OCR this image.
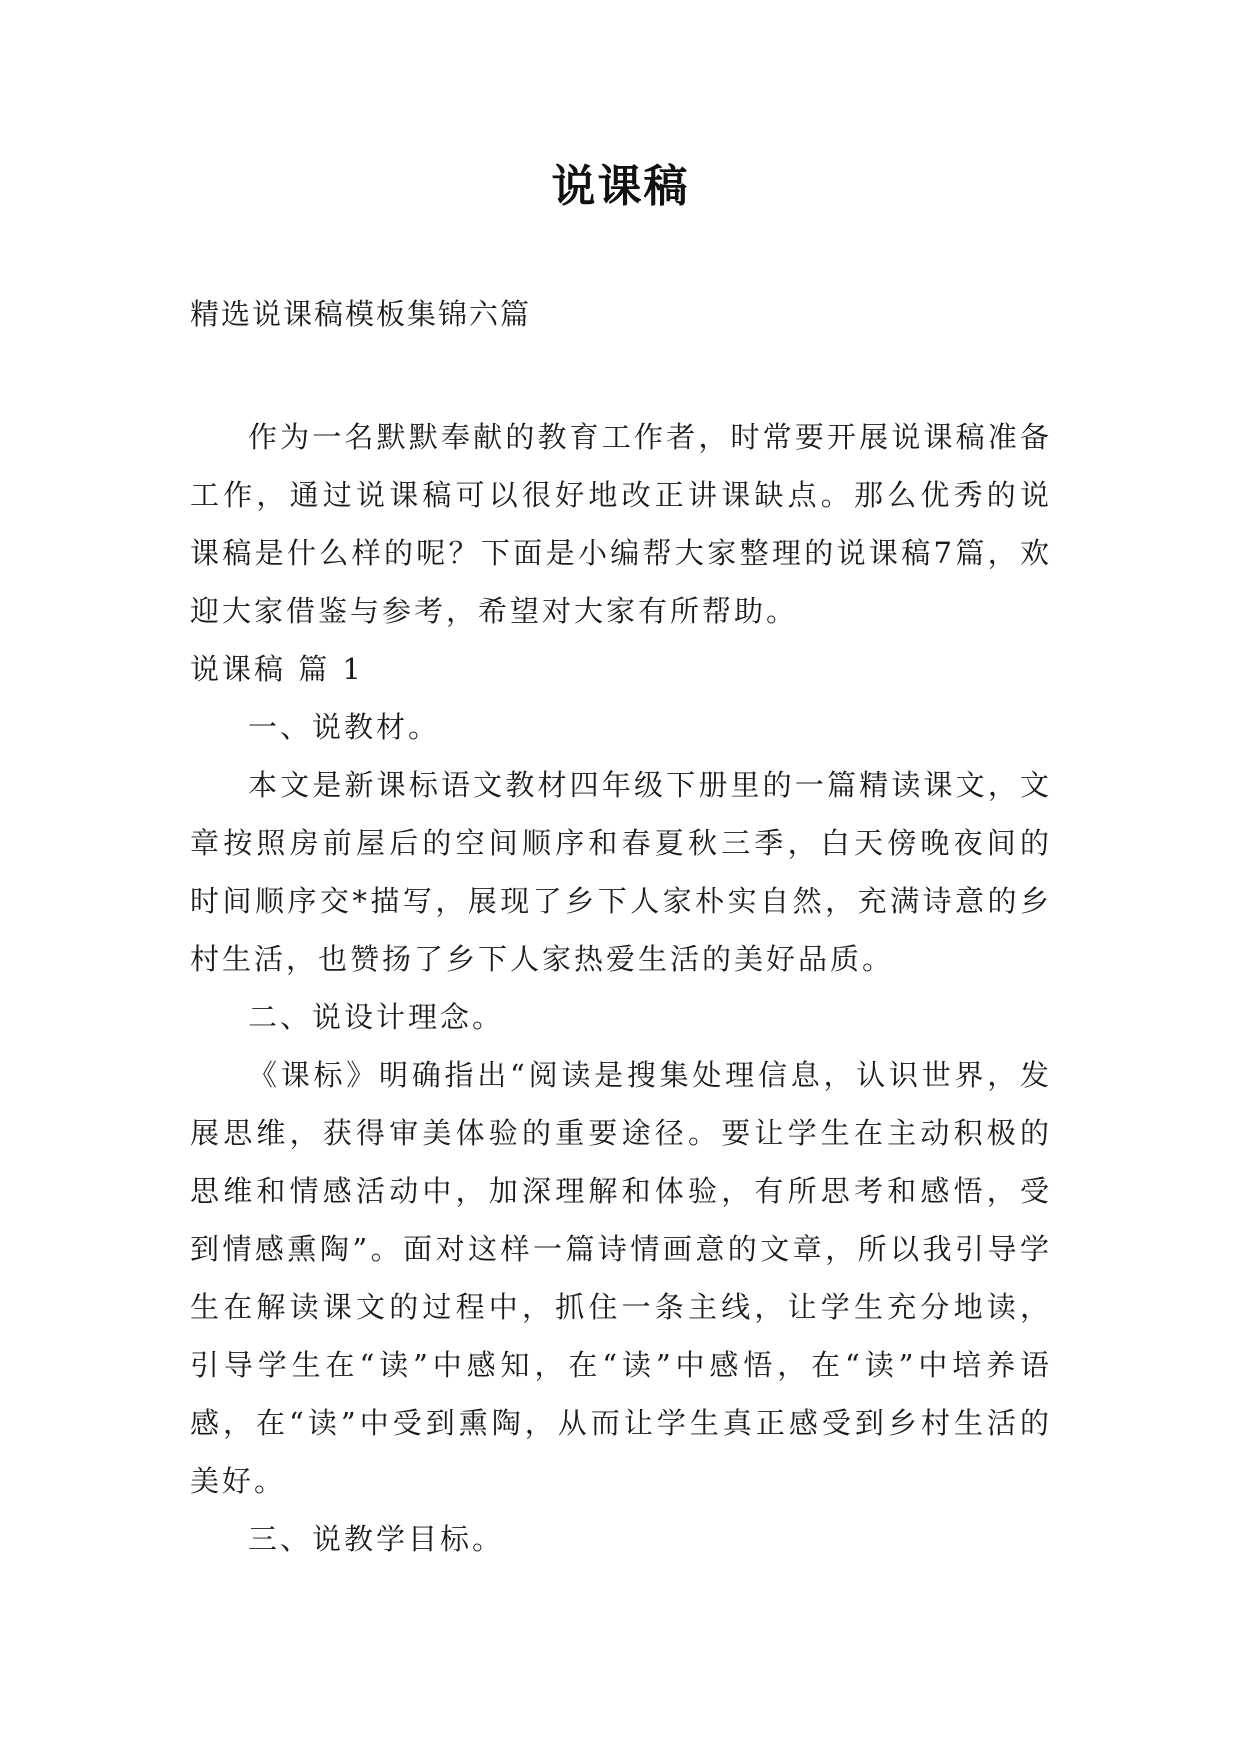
说课稿
精选说课稿模板集锦六篇

作为一名默默奉献的教育工作者，时常要开展说课稿准备工作，通过说课稿可以很好地改正讲课缺点。那么优秀的说课稿是什么样的呢？下面是小编帮大家整理的说课稿7篇，欢迎大家借鉴与参考，希望对大家有所帮助。

说课稿 篇 1

一、说教材。

本文是新课标语文教材四年级下册里的一篇精读课文，文章按照房前屋后的空间顺序和春夏秋三季，白天傍晚夜间的时间顺序交*描写，展现了乡下人家朴实自然，充满诗意的乡村生活，也赞扬了乡下人家热爱生活的美好品质。

二、说设计理念。

《课标》明确指出“阅读是搜集处理信息，认识世界，发展思维，获得审美体验的重要途径。要让学生在主动积极的思维和情感活动中，加深理解和体验，有所思考和感悟，受到情感熏陶”。面对这样一篇诗情画意的文章，所以我引导学生在解读课文的过程中，抓住一条主线，让学生充分地读，引导学生在“读”中感知，在“读”中感悟，在“读”中培养语感，在“读”中受到熏陶，从而让学生真正感受到乡村生活的美好。

三、说教学目标。
